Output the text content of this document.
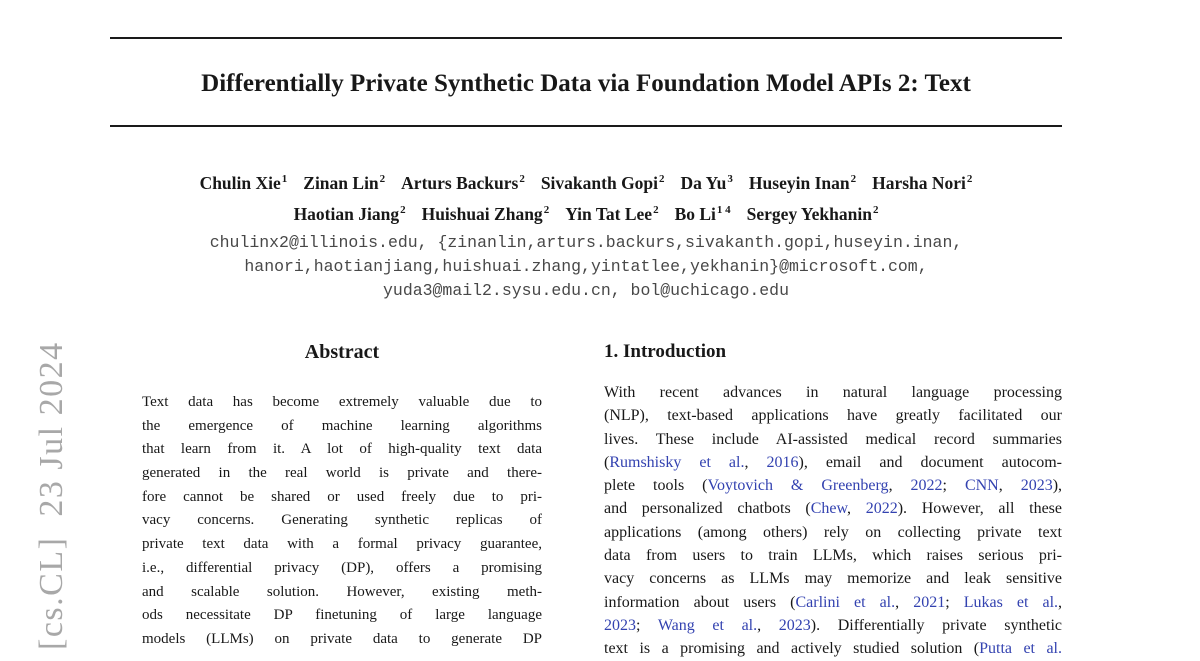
[cs.CL]  23 Jul 2024
Differentially Private Synthetic Data via Foundation Model APIs 2: Text
Chulin Xie$^1$ Zinan Lin$^2$ Arturs Backurs$^2$ Sivakanth Gopi$^2$ Da Yu$^3$ Huseyin Inan$^2$ Harsha Nori$^2$
Haotian Jiang$^2$ Huishuai Zhang$^2$ Yin Tat Lee$^2$ Bo $Li^{1 4}$ Sergey Yekhanin$^2$
chulinx2@illinois.edu, {zinanlin,arturs.backurs,sivakanth.gopi,huseyin.inan,
hanori,haotianjiang,huishuai.zhang,yintatlee,yekhanin}@microsoft.com,
yuda3@mail2.sysu.edu.cn, bol@uchicago.edu
Abstract
Text data has become extremely valuable due to
the emergence of machine learning algorithms
that learn from it. A lot of high-quality text data
generated in the real world is private and there-
fore cannot be shared or used freely due to pri-
vacy concerns. Generating synthetic replicas of
private text data with a formal privacy guarantee,
i.e., differential privacy (DP), offers a promising
and scalable solution. However, existing meth-
ods necessitate DP finetuning of large language
models (LLMs) on private data to generate DP
1. Introduction
With recent advances in natural language processing
(NLP), text-based applications have greatly facilitated our
lives. These include AI-assisted medical record summaries
(Rumshisky et al., 2016), email and document autocom-
plete tools (Voytovich & Greenberg, 2022; CNN, 2023),
and personalized chatbots (Chew, 2022). However, all these
applications (among others) rely on collecting private text
data from users to train LLMs, which raises serious pri-
vacy concerns as LLMs may memorize and leak sensitive
information about users (Carlini et al., 2021; Lukas et al.,
2023; Wang et al., 2023). Differentially private synthetic
text is a promising and actively studied solution (Putta et al.
